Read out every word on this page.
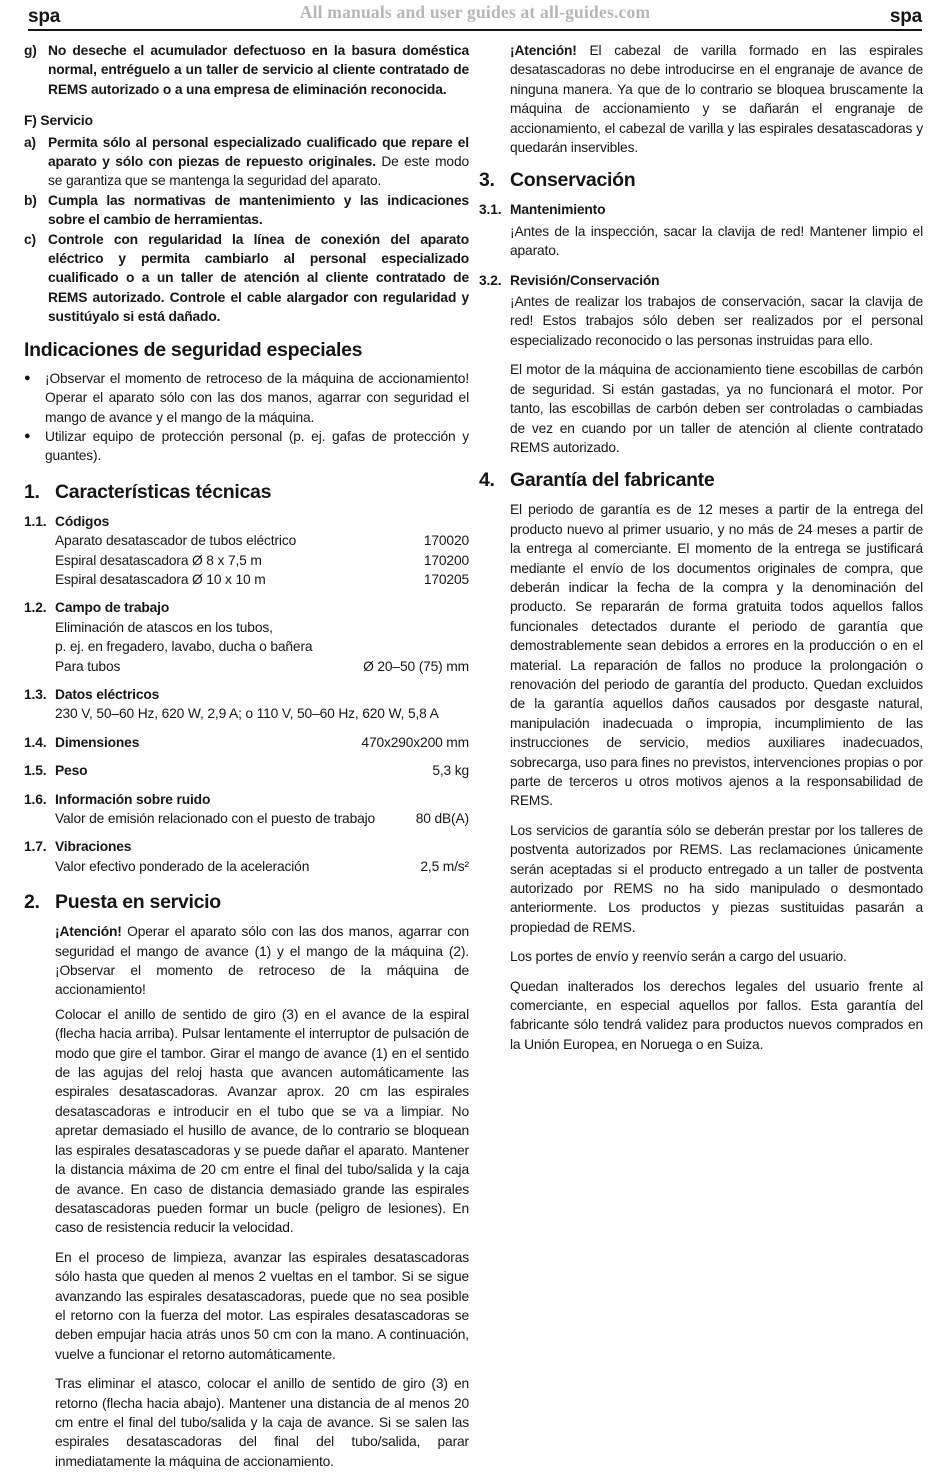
All manuals and user guides at all-guides.com
spa	spa
g) No deseche el acumulador defectuoso en la basura doméstica normal, entréguelo a un taller de servicio al cliente contratado de REMS autorizado o a una empresa de eliminación reconocida.
F) Servicio
a) Permita sólo al personal especializado cualificado que repare el aparato y sólo con piezas de repuesto originales. De este modo se garantiza que se mantenga la seguridad del aparato.
b) Cumpla las normativas de mantenimiento y las indicaciones sobre el cambio de herramientas.
c) Controle con regularidad la línea de conexión del aparato eléctrico y permita cambiarlo al personal especializado cualificado o a un taller de atención al cliente contratado de REMS autorizado. Controle el cable alargador con regularidad y sustitúyalo si está dañado.
Indicaciones de seguridad especiales
●	¡Observar el momento de retroceso de la máquina de accionamiento! Operar el aparato sólo con las dos manos, agarrar con seguridad el mango de avance y el mango de la máquina.
●	Utilizar equipo de protección personal (p. ej. gafas de protección y guantes).
1. Características técnicas
1.1. Códigos
Aparato desatascador de tubos eléctrico	170020
Espiral desatascadora Ø 8 x 7,5 m	170200
Espiral desatascadora Ø 10 x 10 m	170205
1.2. Campo de trabajo
Eliminación de atascos en los tubos,
p. ej. en fregadero, lavabo, ducha o bañera
Para tubos	Ø 20–50 (75) mm
1.3. Datos eléctricos
230 V, 50–60 Hz, 620 W, 2,9 A; o 110 V, 50–60 Hz, 620 W, 5,8 A
1.4. Dimensiones	470x290x200 mm
1.5. Peso	5,3 kg
1.6. Información sobre ruido
Valor de emisión relacionado con el puesto de trabajo	80 dB(A)
1.7. Vibraciones
Valor efectivo ponderado de la aceleración	2,5 m/s²
2. Puesta en servicio

¡Atención! Operar el aparato sólo con las dos manos, agarrar con seguridad el mango de avance (1) y el mango de la máquina (2). ¡Observar el momento de retroceso de la máquina de accionamiento!

Colocar el anillo de sentido de giro (3) en el avance de la espiral (flecha hacia arriba). Pulsar lentamente el interruptor de pulsación de modo que gire el tambor. Girar el mango de avance (1) en el sentido de las agujas del reloj hasta que avancen automáticamente las espirales desatascadoras. Avanzar aprox. 20 cm las espirales desatascadoras e introducir en el tubo que se va a limpiar. No apretar demasiado el husillo de avance, de lo contrario se bloquean las espirales desatascadoras y se puede dañar el aparato. Mantener la distancia máxima de 20 cm entre el final del tubo/salida y la caja de avance. En caso de distancia demasiado grande las espirales desatascadoras pueden formar un bucle (peligro de lesiones). En caso de resistencia reducir la velocidad.

En el proceso de limpieza, avanzar las espirales desatascadoras sólo hasta que queden al menos 2 vueltas en el tambor. Si se sigue avanzando las espirales desatascadoras, puede que no sea posible el retorno con la fuerza del motor. Las espirales desatascadoras se deben empujar hacia atrás unos 50 cm con la mano. A continuación, vuelve a funcionar el retorno automáticamente.

Tras eliminar el atasco, colocar el anillo de sentido de giro (3) en retorno (flecha hacia abajo). Mantener una distancia de al menos 20 cm entre el final del tubo/salida y la caja de avance. Si se salen las espirales desatascadoras del final del tubo/salida, parar inmediatamente la máquina de accionamiento.

¡Atención! El cabezal de varilla formado en las espirales desatascadoras no debe introducirse en el engranaje de avance de ninguna manera. Ya que de lo contrario se bloquea bruscamente la máquina de accionamiento y se dañarán el engranaje de accionamiento, el cabezal de varilla y las espirales desatascadoras y quedarán inservibles.

3. Conservación
3.1. Mantenimiento

¡Antes de la inspección, sacar la clavija de red! Mantener limpio el aparato.

3.2. Revisión/Conservación

¡Antes de realizar los trabajos de conservación, sacar la clavija de red! Estos trabajos sólo deben ser realizados por el personal especializado reconocido o las personas instruidas para ello.

El motor de la máquina de accionamiento tiene escobillas de carbón de seguridad. Si están gastadas, ya no funcionará el motor. Por tanto, las escobillas de carbón deben ser controladas o cambiadas de vez en cuando por un taller de atención al cliente contratado REMS autorizado.

4. Garantía del fabricante

El periodo de garantía es de 12 meses a partir de la entrega del producto nuevo al primer usuario, y no más de 24 meses a partir de la entrega al comerciante. El momento de la entrega se justificará mediante el envío de los documentos originales de compra, que deberán indicar la fecha de la compra y la denominación del producto. Se repararán de forma gratuita todos aquellos fallos funcionales detectados durante el periodo de garantía que demostrablemente sean debidos a errores en la producción o en el material. La reparación de fallos no produce la prolongación o renovación del periodo de garantía del producto. Quedan excluidos de la garantía aquellos daños causados por desgaste natural, manipulación inadecuada o impropia, incumplimiento de las instrucciones de servicio, medios auxiliares inadecuados, sobrecarga, uso para fines no previstos, intervenciones propias o por parte de terceros u otros motivos ajenos a la responsabilidad de REMS.

Los servicios de garantía sólo se deberán prestar por los talleres de postventa autorizados por REMS. Las reclamaciones únicamente serán aceptadas si el producto entregado a un taller de postventa autorizado por REMS no ha sido manipulado o desmontado anteriormente. Los productos y piezas sustituidas pasarán a propiedad de REMS.

Los portes de envío y reenvío serán a cargo del usuario.

Quedan inalterados los derechos legales del usuario frente al comerciante, en especial aquellos por fallos. Esta garantía del fabricante sólo tendrá validez para productos nuevos comprados en la Unión Europea, en Noruega o en Suiza.
